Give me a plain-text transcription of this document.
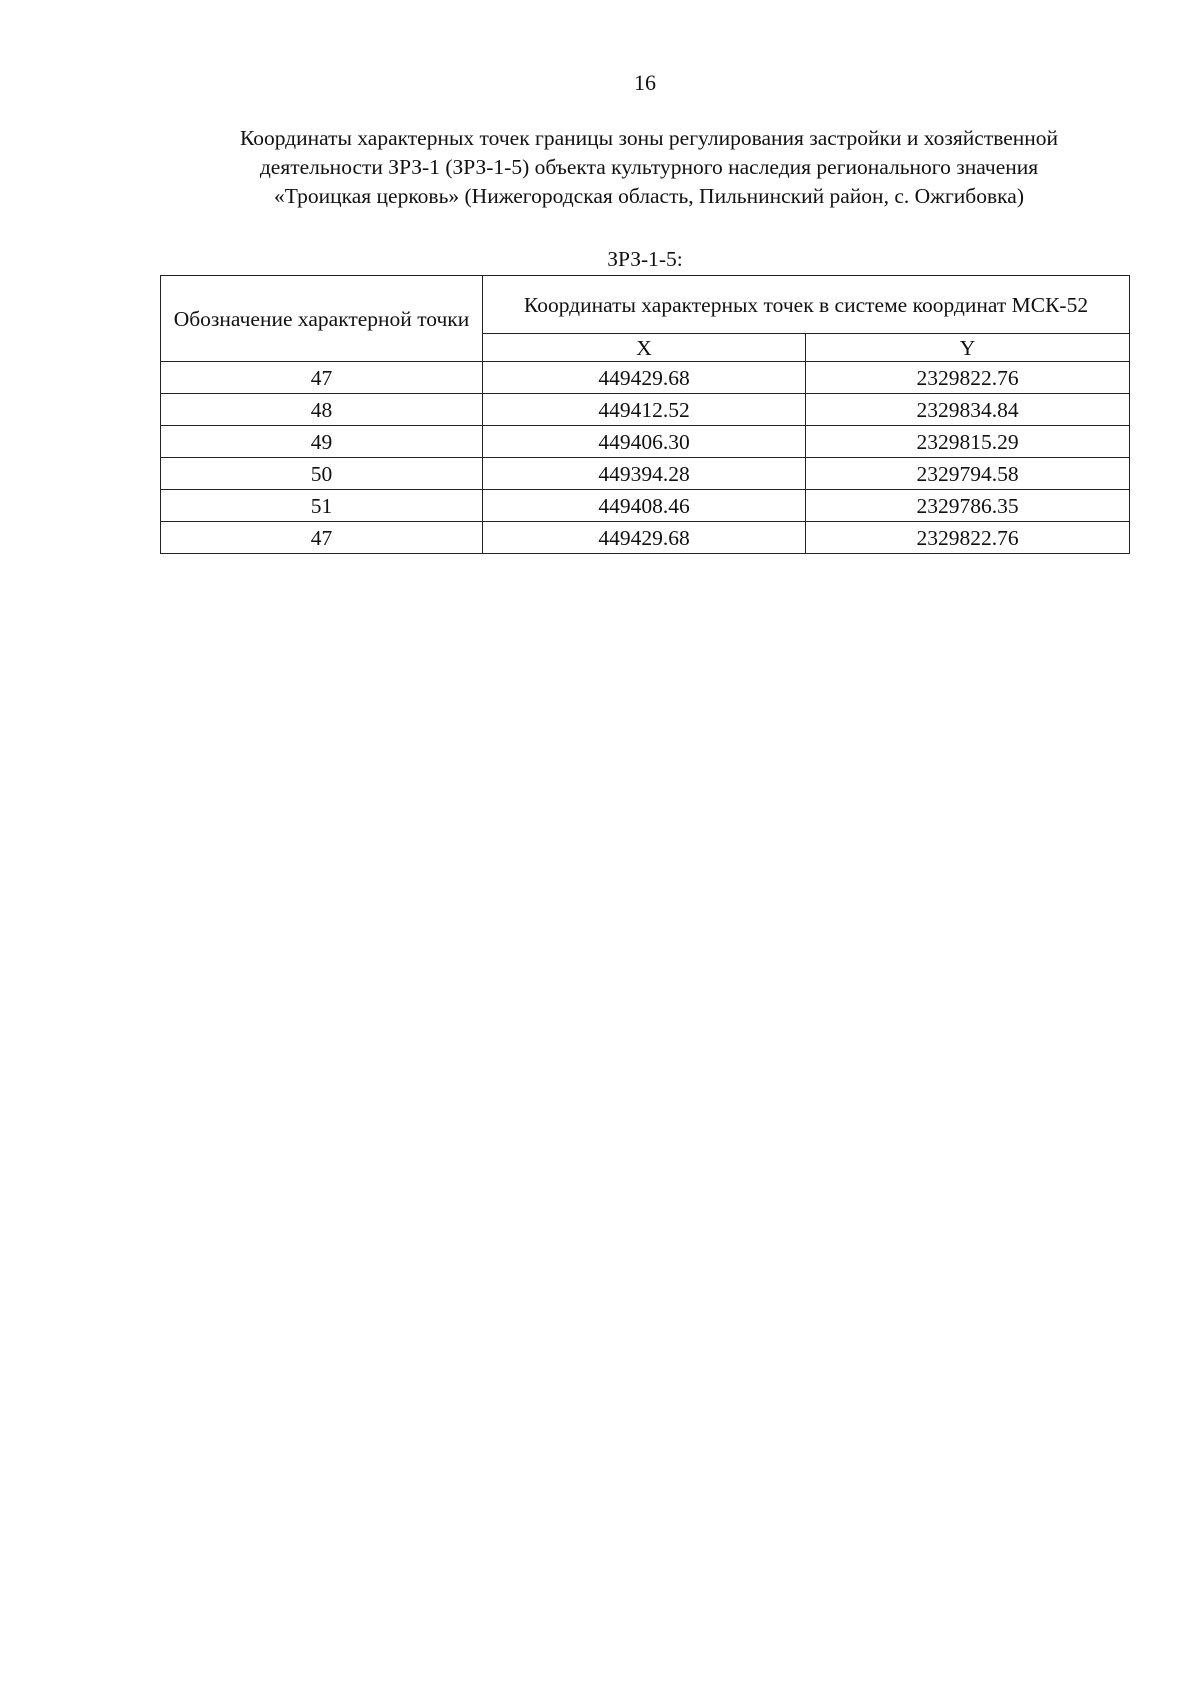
16
Координаты характерных точек границы зоны регулирования застройки и хозяйственной
деятельности ЗРЗ-1 (ЗРЗ-1-5) объекта культурного наследия регионального значения
«Троицкая церковь» (Нижегородская область, Пильнинский район, с. Ожгибовка)
ЗРЗ-1-5:
Обозначение характерной точки	Координаты характерных точек в системе координат МСК-52	
	X	Y
47	449429.68	2329822.76
48	449412.52	2329834.84
49	449406.30	2329815.29
50	449394.28	2329794.58
51	449408.46	2329786.35
47	449429.68	2329822.76
